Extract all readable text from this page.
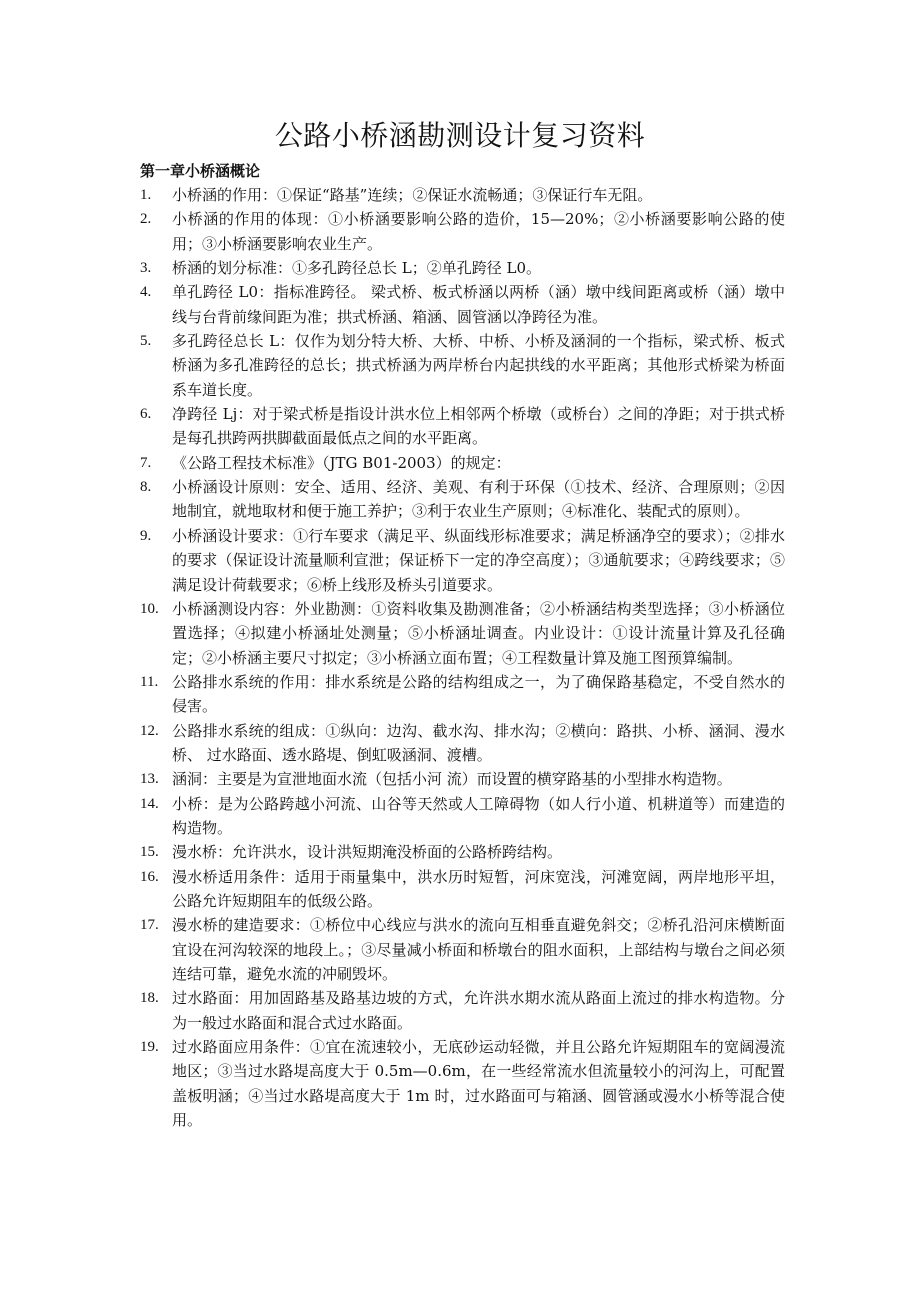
公路小桥涵勘测设计复习资料
第一章小桥涵概论
1.	小桥涵的作用：①保证“路基”连续；②保证水流畅通；③保证行车无阻。
2.	小桥涵的作用的体现：①小桥涵要影响公路的造价，15—20%；②小桥涵要影响公路的使用；③小桥涵要影响农业生产。
3.	桥涵的划分标准：①多孔跨径总长 L；②单孔跨径 L0。
4.	单孔跨径 L0：指标准跨径。 梁式桥、板式桥涵以两桥（涵）墩中线间距离或桥（涵）墩中线与台背前缘间距为准；拱式桥涵、箱涵、圆管涵以净跨径为准。
5.	多孔跨径总长 L：仅作为划分特大桥、大桥、中桥、小桥及涵洞的一个指标，梁式桥、板式桥涵为多孔准跨径的总长；拱式桥涵为两岸桥台内起拱线的水平距离；其他形式桥梁为桥面系车道长度。
6.	净跨径 Lj：对于梁式桥是指设计洪水位上相邻两个桥墩（或桥台）之间的净距；对于拱式桥是每孔拱跨两拱脚截面最低点之间的水平距离。
7.	《公路工程技术标准》（JTG B01-2003）的规定：
8.	小桥涵设计原则：安全、适用、经济、美观、有利于环保（①技术、经济、合理原则；②因地制宜，就地取材和便于施工养护；③利于农业生产原则；④标准化、装配式的原则）。
9.	小桥涵设计要求：①行车要求（满足平、纵面线形标准要求；满足桥涵净空的要求）；②排水的要求（保证设计流量顺利宣泄；保证桥下一定的净空高度）；③通航要求；④跨线要求；⑤满足设计荷载要求；⑥桥上线形及桥头引道要求。
10. 小桥涵测设内容：外业勘测：①资料收集及勘测准备；②小桥涵结构类型选择；③小桥涵位置选择；④拟建小桥涵址处测量；⑤小桥涵址调查。内业设计：①设计流量计算及孔径确定；②小桥涵主要尺寸拟定；③小桥涵立面布置；④工程数量计算及施工图预算编制。
11. 公路排水系统的作用：排水系统是公路的结构组成之一，为了确保路基稳定，不受自然水的侵害。
12. 公路排水系统的组成：①纵向：边沟、截水沟、排水沟；②横向：路拱、小桥、涵洞、漫水桥、 过水路面、透水路堤、倒虹吸涵洞、渡槽。
13. 涵洞：主要是为宣泄地面水流（包括小河 流）而设置的横穿路基的小型排水构造物。
14. 小桥：是为公路跨越小河流、山谷等天然或人工障碍物（如人行小道、机耕道等）而建造的构造物。
15. 漫水桥：允许洪水，设计洪短期淹没桥面的公路桥跨结构。
16. 漫水桥适用条件：适用于雨量集中，洪水历时短暂，河床宽浅，河滩宽阔，两岸地形平坦，公路允许短期阻车的低级公路。
17. 漫水桥的建造要求：①桥位中心线应与洪水的流向互相垂直避免斜交；②桥孔沿河床横断面宜设在河沟较深的地段上。；③尽量减小桥面和桥墩台的阻水面积，上部结构与墩台之间必须连结可靠，避免水流的冲刷毁坏。
18. 过水路面：用加固路基及路基边坡的方式，允许洪水期水流从路面上流过的排水构造物。分为一般过水路面和混合式过水路面。
19. 过水路面应用条件：①宜在流速较小，无底砂运动轻微，并且公路允许短期阻车的宽阔漫流地区；③当过水路堤高度大于 0.5m—0.6m，在一些经常流水但流量较小的河沟上，可配置盖板明涵；④当过水路堤高度大于 1m 时，过水路面可与箱涵、圆管涵或漫水小桥等混合使用。
